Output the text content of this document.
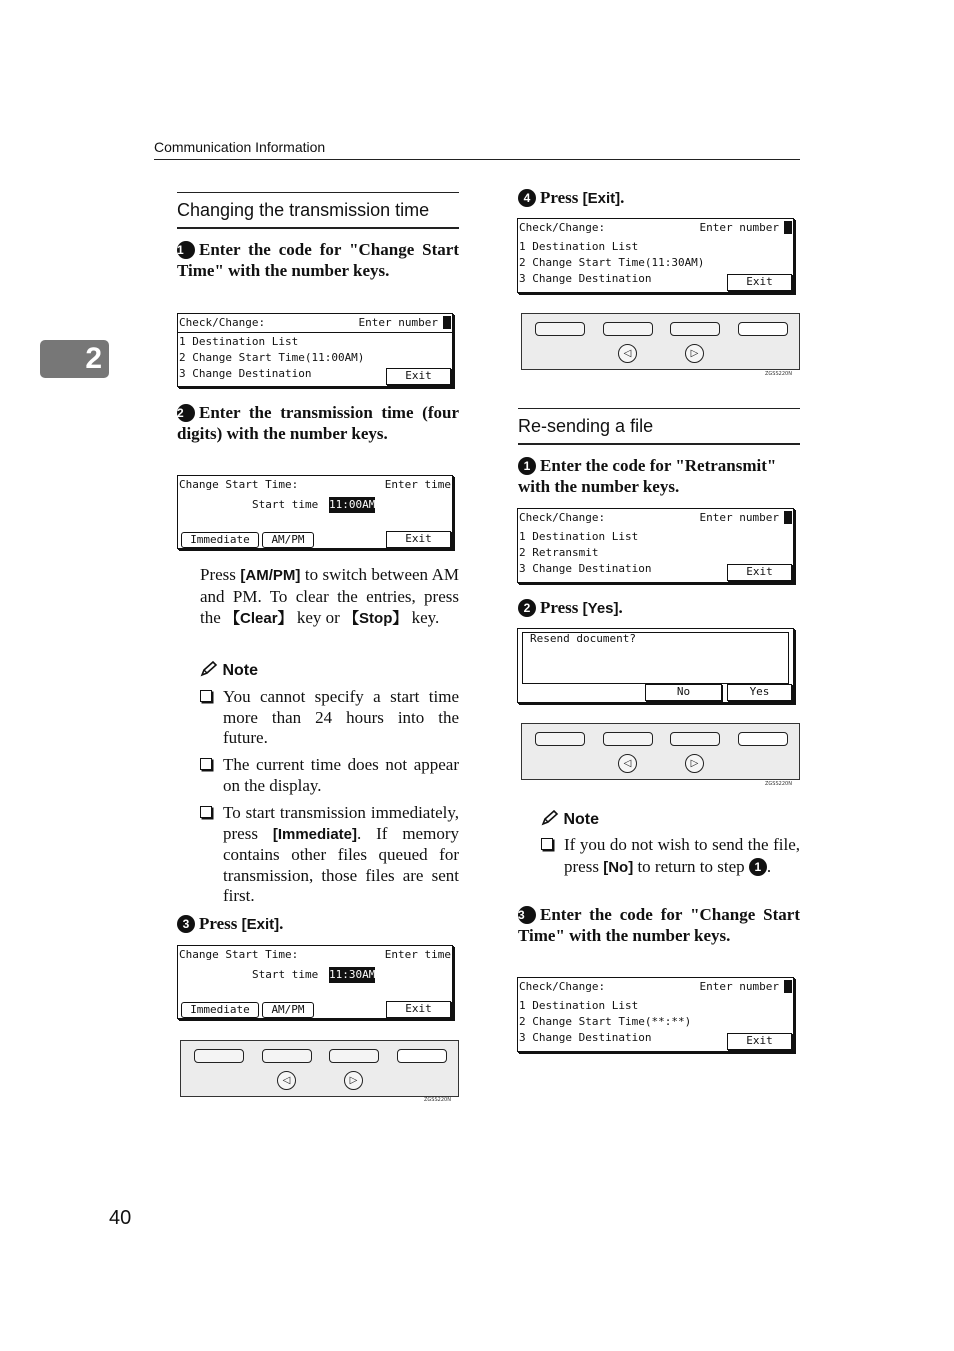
Communication Information
2
Changing the transmission time
1 Enter the code for "Change Start Time" with the number keys.
Check/Change:	Enter number
1 Destination List
2 Change Start Time(11:00AM)
3 Change Destination	Exit
2 Enter the transmission time (four digits) with the number keys.
Change Start Time:	Enter time
Start time 11:00AM
Immediate	AM/PM	Exit
Press [AM/PM] to switch between AM and PM. To clear the entries, press the 【Clear】 key or 【Stop】 key.
Note
You cannot specify a start time more than 24 hours into the future.
The current time does not appear on the display.
To start transmission immediately, press [Immediate]. If memory contains other files queued for transmission, those files are sent first.
3 Press [Exit].
Change Start Time:	Enter time
Start time 11:30AM
Immediate	AM/PM	Exit
◁	▷
ZGSS220N
4 Press [Exit].
Check/Change:	Enter number
1 Destination List
2 Change Start Time(11:30AM)
3 Change Destination	Exit
◁	▷
ZGSS220N
Re-sending a file
1 Enter the code for "Retransmit" with the number keys.
Check/Change:	Enter number
1 Destination List
2 Retransmit
3 Change Destination	Exit
2 Press [Yes].
Resend document?
No	Yes
◁	▷
ZGSS220N
Note
If you do not wish to send the file, press [No] to return to step 1 .
3 Enter the code for "Change Start Time" with the number keys.
Check/Change:	Enter number
1 Destination List
2 Change Start Time(**:**)
3 Change Destination	Exit
40
